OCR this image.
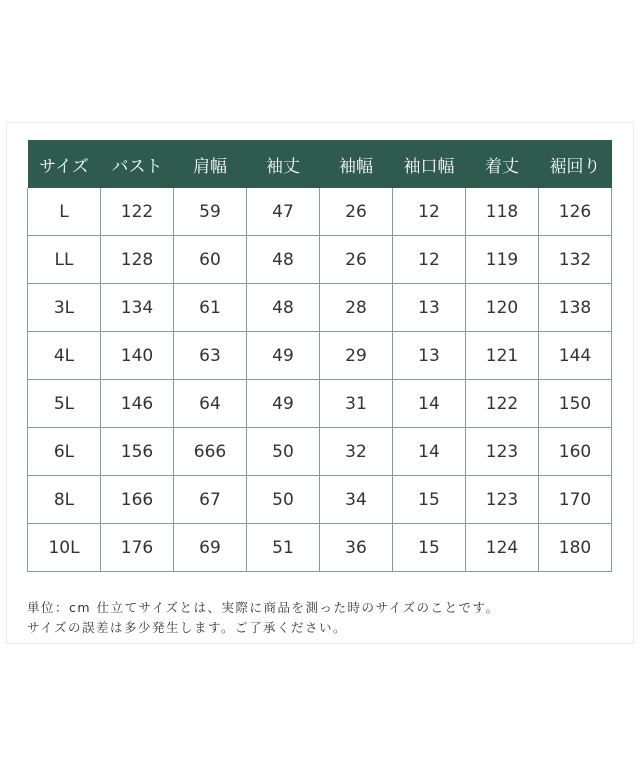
サイズ	バスト	肩幅	袖丈	袖幅	袖口幅	着丈	裾回り
L	122	59	47	26	12	118	126
LL	128	60	48	26	12	119	132
3L	134	61	48	28	13	120	138
4L	140	63	49	29	13	121	144
5L	146	64	49	31	14	122	150
6L	156	666	50	32	14	123	160
8L	166	67	50	34	15	123	170
10L	176	69	51	36	15	124	180
単位：cm 仕立てサイズとは、実際に商品を測った時のサイズのことです。
サイズの誤差は多少発生します。ご了承ください。
